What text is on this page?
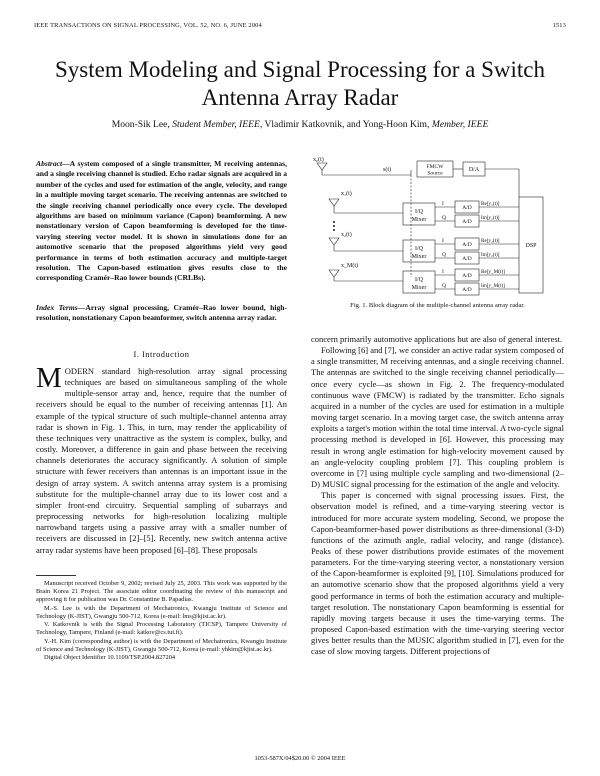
IEEE TRANSACTIONS ON SIGNAL PROCESSING, VOL. 52, NO. 6, JUNE 2004	1513
System Modeling and Signal Processing for a Switch Antenna Array Radar
Moon-Sik Lee, Student Member, IEEE, Vladimir Katkovnik, and Yong-Hoon Kim, Member, IEEE
Abstract—A system composed of a single transmitter, M receiving antennas, and a single receiving channel is studied. Echo radar signals are acquired in a number of the cycles and used for estimation of the angle, velocity, and range in a multiple moving target scenario. The receiving antennas are switched to the single receiving channel periodically once every cycle. The developed algorithms are based on minimum variance (Capon) beamforming. A new nonstationary version of Capon beamforming is developed for the time-varying steering vector model. It is shown in simulations done for an automotive scenario that the proposed algorithms yield very good performance in terms of both estimation accuracy and multiple-target resolution. The Capon-based estimation gives results close to the corresponding Cramér–Rao lower bounds (CRLBs).
Index Terms—Array signal processing, Cramér–Rao lower bound, high-resolution, nonstationary Capon beamformer, switch antenna array radar.
I. Introduction
MODERN standard high-resolution array signal processing techniques are based on simultaneous sampling of the whole multiple-sensor array and, hence, require that the number of receivers should be equal to the number of receiving antennas [1]. An example of the typical structure of such multiple-channel antenna array radar is shown in Fig. 1. This, in turn, may render the applicability of these techniques very unattractive as the system is complex, bulky, and costly. Moreover, a difference in gain and phase between the receiving channels deteriorates the accuracy significantly. A solution of simple structure with fewer receivers than antennas is an important issue in the design of array system. A switch antenna array system is a promising substitute for the multiple-channel array due to its lower cost and a simpler front-end circuitry. Sequential sampling of subarrays and preprocessing networks for high-resolution localizing multiple narrowband targets using a passive array with a smaller number of receivers are discussed in [2]–[5]. Recently, new switch antenna active array radar systems have been proposed [6]–[8]. These proposals

Manuscript received October 9, 2002; revised July 25, 2003. This work was supported by the Brain Korea 21 Project. The associate editor coordinating the review of this manuscript and approving it for publication was Dr. Constantine B. Papadias.

M.-S. Lee is with the Department of Mechatronics, Kwangju Institute of Science and Technology (K-JIST), Gwangju 500-712, Korea (e-mail: lms@kjist.ac.kr).

V. Katkovnik is with the Signal Processing Laboratory (TICSP), Tampere University of Technology, Tampere, Finland (e-mail: katkov@cs.tut.fi).

Y.-H. Kim (corresponding author) is with the Department of Mechatronics, Kwangju Institute of Science and Technology (K-JIST), Gwangju 500-712, Korea (e-mail: yhkim@kjist.ac.kr).

Digital Object Identifier 10.1109/TSP.2004.827204

x₀(t)
s(t)	FMCW
Source
D/A
x₁(t)
x₂(t)
x_M(t)
I/Q
Mixer
I/Q
Mixer
I/Q
Mixer
I
Q
I
Q
I
Q
A/D
A/D
A/D
A/D
A/D
A/D
Re[y₁(t)]
Im[y₁(t)]
Re[y₂(t)]
Im[y₂(t)]
Re[y_M(t)]
Im[y_M(t)]
DSP
Fig. 1. Block diagram of the multiple-channel antenna array radar.

concern primarily automotive applications but are also of general interest.

Following [6] and [7], we consider an active radar system composed of a single transmitter, M receiving antennas, and a single receiving channel. The antennas are switched to the single receiving channel periodically—once every cycle—as shown in Fig. 2. The frequency-modulated continuous wave (FMCW) is radiated by the transmitter. Echo signals acquired in a number of the cycles are used for estimation in a multiple moving target scenario. In a moving target case, the switch antenna array exploits a target's motion within the total time interval. A two-cycle signal processing method is developed in [6]. However, this processing may result in wrong angle estimation for high-velocity movement caused by an angle-velocity coupling problem [7]. This coupling problem is overcome in [7] using multiple cycle sampling and two-dimensional (2–D) MUSIC signal processing for the estimation of the angle and velocity.

This paper is concerned with signal processing issues. First, the observation model is refined, and a time-varying steering vector is introduced for more accurate system modeling. Second, we propose the Capon-beamformer-based power distributions as three-dimensional (3-D) functions of the azimuth angle, radial velocity, and range (distance). Peaks of these power distributions provide estimates of the movement parameters. For the time-varying steering vector, a nonstationary version of the Capon-beamformer is exploited [9], [10]. Simulations produced for an automotive scenario show that the proposed algorithms yield a very good performance in terms of both the estimation accuracy and multiple-target resolution. The nonstationary Capon beamforming is essential for rapidly moving targets because it uses the time-varying terms. The proposed Capon-based estimation with the time-varying steering vector gives better results than the MUSIC algorithm studied in [7], even for the case of slow moving targets. Different projections of

1053-587X/04$20.00 © 2004 IEEE
